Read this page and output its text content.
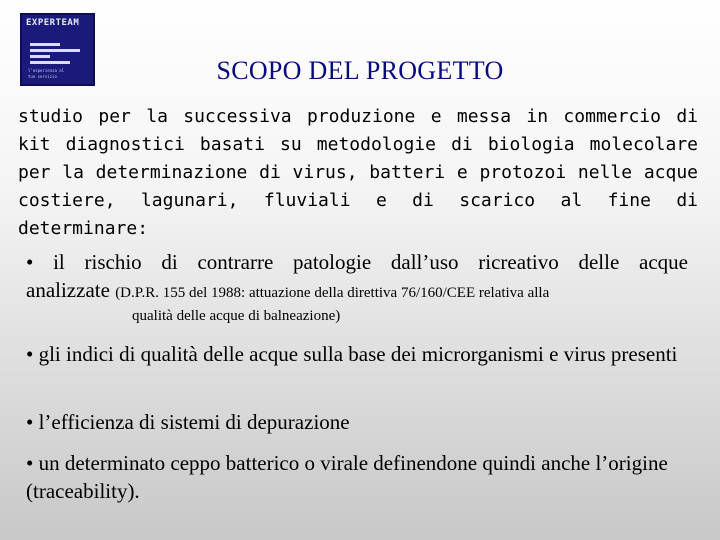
EXPERTEAM
l'esperienza al
tuo servizio	SCOPO DEL PROGETTO
studio per la successiva produzione e messa in commercio di kit diagnostici basati su metodologie di biologia molecolare per la determinazione di virus, batteri e protozoi nelle acque costiere, lagunari, fluviali e di scarico al fine di determinare:
• il rischio di contrarre patologie dall’uso ricreativo delle acque
analizzate (D.P.R. 155 del 1988: attuazione della direttiva 76/160/CEE relativa alla
qualità delle acque di balneazione)
• gli indici di qualità delle acque sulla base dei microrganismi e virus presenti
• l’efficienza di sistemi di depurazione
• un determinato ceppo batterico o virale definendone quindi anche l’origine (traceability).
